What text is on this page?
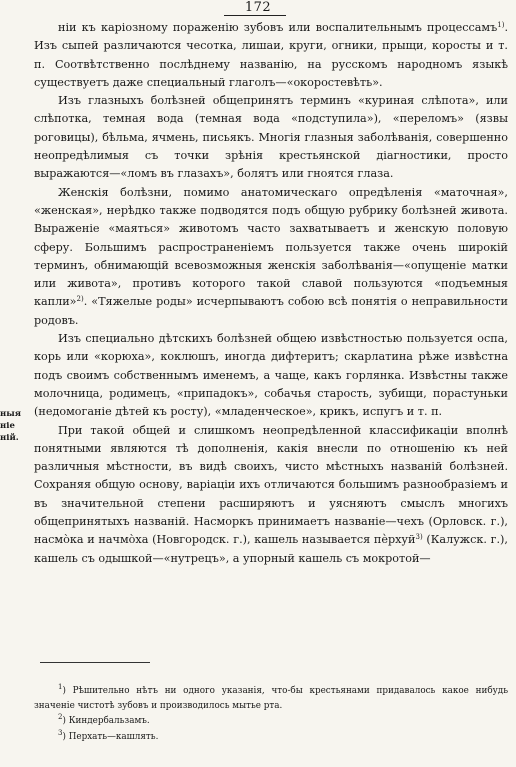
172
ныя
ніе
ній.

ніи къ каріозному пораженію зубовъ или воспалительнымъ процессамъ$^{1)}$. Изъ сыпей различаются чесотка, лишаи, круги, огники, прыщи, коросты и т. п. Соотвѣтственно послѣднему названію, на русскомъ народномъ языкѣ существуетъ даже специальный глаголъ—«окоростевѣть».

Изъ глазныхъ болѣзней общепринятъ терминъ «куриная слѣпота», или слѣпотка, темная вода (темная вода «подступила»), «переломъ» (язвы роговицы), бѣльма, ячмень, письякъ. Многія глазныя заболѣванія, совершенно неопредѣлимыя съ точки зрѣнія крестьянской діагностики, просто выражаются—«ломъ въ глазахъ», болятъ или гноятся глаза.

Женскія болѣзни, помимо анатомическаго опредѣленія «маточная», «женская», нерѣдко также подводятся подъ общую рубрику болѣзней живота. Выраженіе «маяться» животомъ часто захватываетъ и женскую половую сферу. Большимъ распространеніемъ пользуется также очень широкій терминъ, обнимающій всевозможныя женскія заболѣванія—«опущеніе матки или живота», противъ которого такой славой пользуются «подъемныя капли»$^{2)}$. «Тяжелые роды» исчерпываютъ собою всѣ понятія о неправильности родовъ.

Изъ специально дѣтскихъ болѣзней общею извѣстностью пользуется оспа, корь или «корюха», коклюшъ, иногда дифтеритъ; скарлатина рѣже извѣстна подъ своимъ собственнымъ именемъ, а чаще, какъ горлянка. Извѣстны также молочница, родимецъ, «припадокъ», собачья старость, зубищи, порастуньки (недомоганіе дѣтей къ росту), «младенческое», крикъ, испугъ и т. п.

При такой общей и слишкомъ неопредѣленной классификаціи вполнѣ понятными являются тѣ дополненія, какія внесли по отношенію къ ней различныя мѣстности, въ видѣ своихъ, чисто мѣстныхъ названій болѣзней. Сохраняя общую основу, варіаціи ихъ отличаются большимъ разнообразіемъ и въ значительной степени расширяютъ и уясняютъ смыслъ многихъ общепринятыхъ названій. Насморкъ принимаетъ названіе—чехъ (Орловск. г.), насмо̀ка и начмо̀ха (Новгородск. г.), кашель называется пѐрхуй$^{3)}$ (Калужск. г.), кашель съ одышкой—«нутрецъ», а упорный кашель съ мокротой—

$^1$) Рѣшительно нѣтъ ни одного указанія, что-бы крестьянами придавалось какое нибудь значеніе чистотѣ зубовъ и производилось мытье рта.

$^2$) Киндербальзамъ.

$^3$) Перхать—кашлять.
